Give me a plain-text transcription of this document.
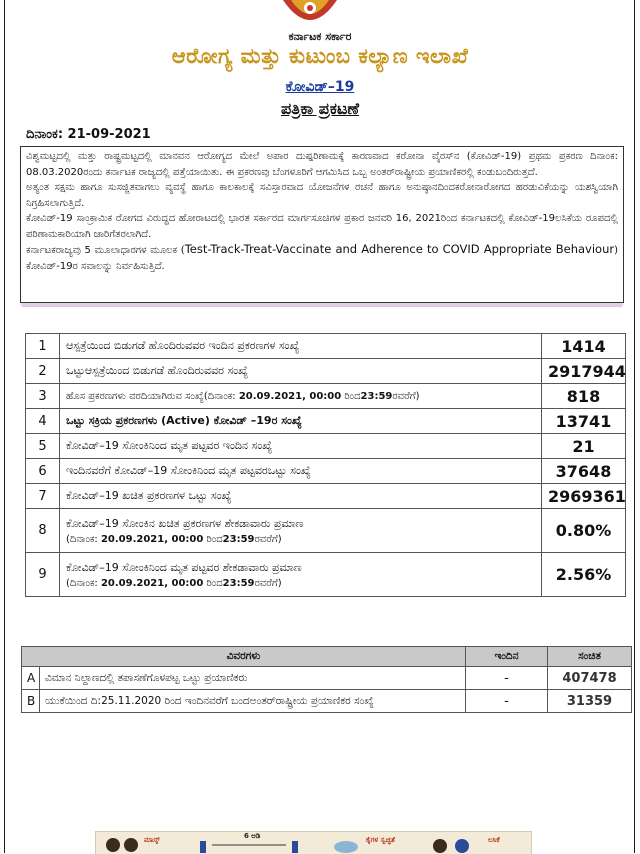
ಕರ್ನಾಟಕ ಸರ್ಕಾರ
ಆರೋಗ್ಯ ಮತ್ತು ಕುಟುಂಬ ಕಲ್ಯಾಣ ಇಲಾಖೆ
ಕೋವಿಡ್–19
ಪತ್ರಿಕಾ ಪ್ರಕಟಣೆ
ದಿನಾಂಕ: 21-09-2021

ವಿಶ್ವಮಟ್ಟದಲ್ಲಿ ಮತ್ತು ರಾಷ್ಟ್ರಮಟ್ಟದಲ್ಲಿ ಮಾನವನ ಆರೋಗ್ಯದ ಮೇಲೆ ಅಪಾರ ದುಷ್ಪರಿಣಾಮಕ್ಕೆ ಕಾರಣವಾದ ಕರೋನಾ ವೈರಸ್‌ನ (ಕೋವಿಡ್-19) ಪ್ರಥಮ ಪ್ರಕರಣ ದಿನಾಂಕ: 08.03.2020ರಂದು ಕರ್ನಾಟಕ ರಾಜ್ಯದಲ್ಲಿ ಪತ್ತೆಯಾಯಿತು. ಈ ಪ್ರಕರಣವು ಬೆಂಗಳೂರಿಗೆ ಆಗಮಿಸಿದ ಒಬ್ಬ ಅಂತರ್‌ರಾಷ್ಟ್ರೀಯ ಪ್ರಯಾಣಿಕರಲ್ಲಿ ಕಂಡುಬಂದಿರುತ್ತದೆ.

ಅತ್ಯಂತ ಸಕ್ಷಮ ಹಾಗೂ ಸುಸಜ್ಜಿತವಾಗಲು ವ್ಯವಸ್ಥೆ ಹಾಗೂ ಕಾಲಕಾಲಕ್ಕೆ ಸವಿಸ್ತಾರವಾದ ಯೋಜನೆಗಳ ರಚನೆ ಹಾಗೂ ಅನುಷ್ಠಾನದಿಂದಕರೋನಾರೋಗದ ಹರಡುವಿಕೆಯನ್ನು ಯಶಸ್ವಿಯಾಗಿ ನಿಗ್ರಹಿಸಲಾಗುತ್ತಿದೆ.

ಕೋವಿಡ್-19 ಸಾಂಕ್ರಾಮಿಕ ರೋಗದ ವಿರುದ್ಧದ ಹೋರಾಟದಲ್ಲಿ ಭಾರತ ಸರ್ಕಾರದ ಮಾರ್ಗಸೂಚಿಗಳ ಪ್ರಕಾರ ಜನವರಿ 16, 2021ರಿಂದ ಕರ್ನಾಟಕದಲ್ಲಿ ಕೋವಿಡ್-19ಲಸಿಕೆಯ ರೂಪದಲ್ಲಿ ಪರಿಣಾಮಕಾರಿಯಾಗಿ ಜಾರಿಗೆತರಲಾಗಿದೆ.

ಕರ್ನಾಟಕರಾಜ್ಯವು 5 ಮೂಲಾಧಾರಗಳ ಮೂಲಕ (Test-Track-Treat-Vaccinate and Adherence to COVID Appropriate Behaviour) ಕೋವಿಡ್-19ರ ಸವಾಲನ್ನು ನಿರ್ವಹಿಸುತ್ತಿದೆ.

1	ಆಸ್ಪತ್ರೆಯಿಂದ ಬಿಡುಗಡೆ ಹೊಂದಿರುವವರ ಇಂದಿನ ಪ್ರಕರಣಗಳ ಸಂಖ್ಯೆ	1414
2	ಒಟ್ಟುಆಸ್ಪತ್ರೆಯಿಂದ ಬಿಡುಗಡೆ ಹೊಂದಿರುವವರ ಸಂಖ್ಯೆ	2917944
3	ಹೊಸ ಪ್ರಕರಣಗಳು ವರದಿಯಾಗಿರುವ ಸಂಖ್ಯೆ(ದಿನಾಂಕ: 20.09.2021, 00:00 ರಿಂದ23:59ರವರೆಗೆ)	818
4	ಒಟ್ಟು ಸಕ್ರಿಯ ಪ್ರಕರಣಗಳು (Active) ಕೋವಿಡ್ –19ರ ಸಂಖ್ಯೆ	13741
5	ಕೋವಿಡ್–19 ಸೋಂಕಿನಿಂದ ಮೃತ ಪಟ್ಟವರ ಇಂದಿನ ಸಂಖ್ಯೆ	21
6	ಇಂದಿನವರೆಗೆ ಕೋವಿಡ್–19 ಸೋಂಕಿನಿಂದ ಮೃತ ಪಟ್ಟವರಒಟ್ಟು ಸಂಖ್ಯೆ	37648
7	ಕೋವಿಡ್–19 ಖಚಿತ ಪ್ರಕರಣಗಳ ಒಟ್ಟು ಸಂಖ್ಯೆ	2969361
8	ಕೋವಿಡ್–19 ಸೋಂಕಿನ ಖಚಿತ ಪ್ರಕರಣಗಳ ಶೇಕಡಾವಾರು ಪ್ರಮಾಣ
(ದಿನಾಂಕ: 20.09.2021, 00:00 ರಿಂದ23:59ರವರೆಗೆ)	0.80%
9	ಕೋವಿಡ್–19 ಸೋಂಕಿನಿಂದ ಮೃತ ಪಟ್ಟವರ ಶೇಕಡಾವಾರು ಪ್ರಮಾಣ
(ದಿನಾಂಕ: 20.09.2021, 00:00 ರಿಂದ23:59ರವರೆಗೆ)	2.56%
ವಿವರಗಳು		ಇಂದಿನ	ಸಂಚಿತ
A	ವಿಮಾನ ನಿಲ್ದಾಣದಲ್ಲಿ ತಪಾಸಣೆಗೊಳಪಟ್ಟ ಒಟ್ಟು ಪ್ರಯಾಣಿಕರು	-	407478
B	ಯುಕೆಯಿಂದ ದಿ:25.11.2020 ರಿಂದ ಇಂದಿನವರೆಗೆ ಬಂದಅಂತರ್‌ರಾಷ್ಟ್ರೀಯ ಪ್ರಯಾಣಿಕರ ಸಂಖ್ಯೆ	-	31359
ಮಾಸ್ಕ್	6 ಅಡಿ	ಕೈಗಳ ಸ್ವಚ್ಛತೆ	ಲಸಿಕೆ
